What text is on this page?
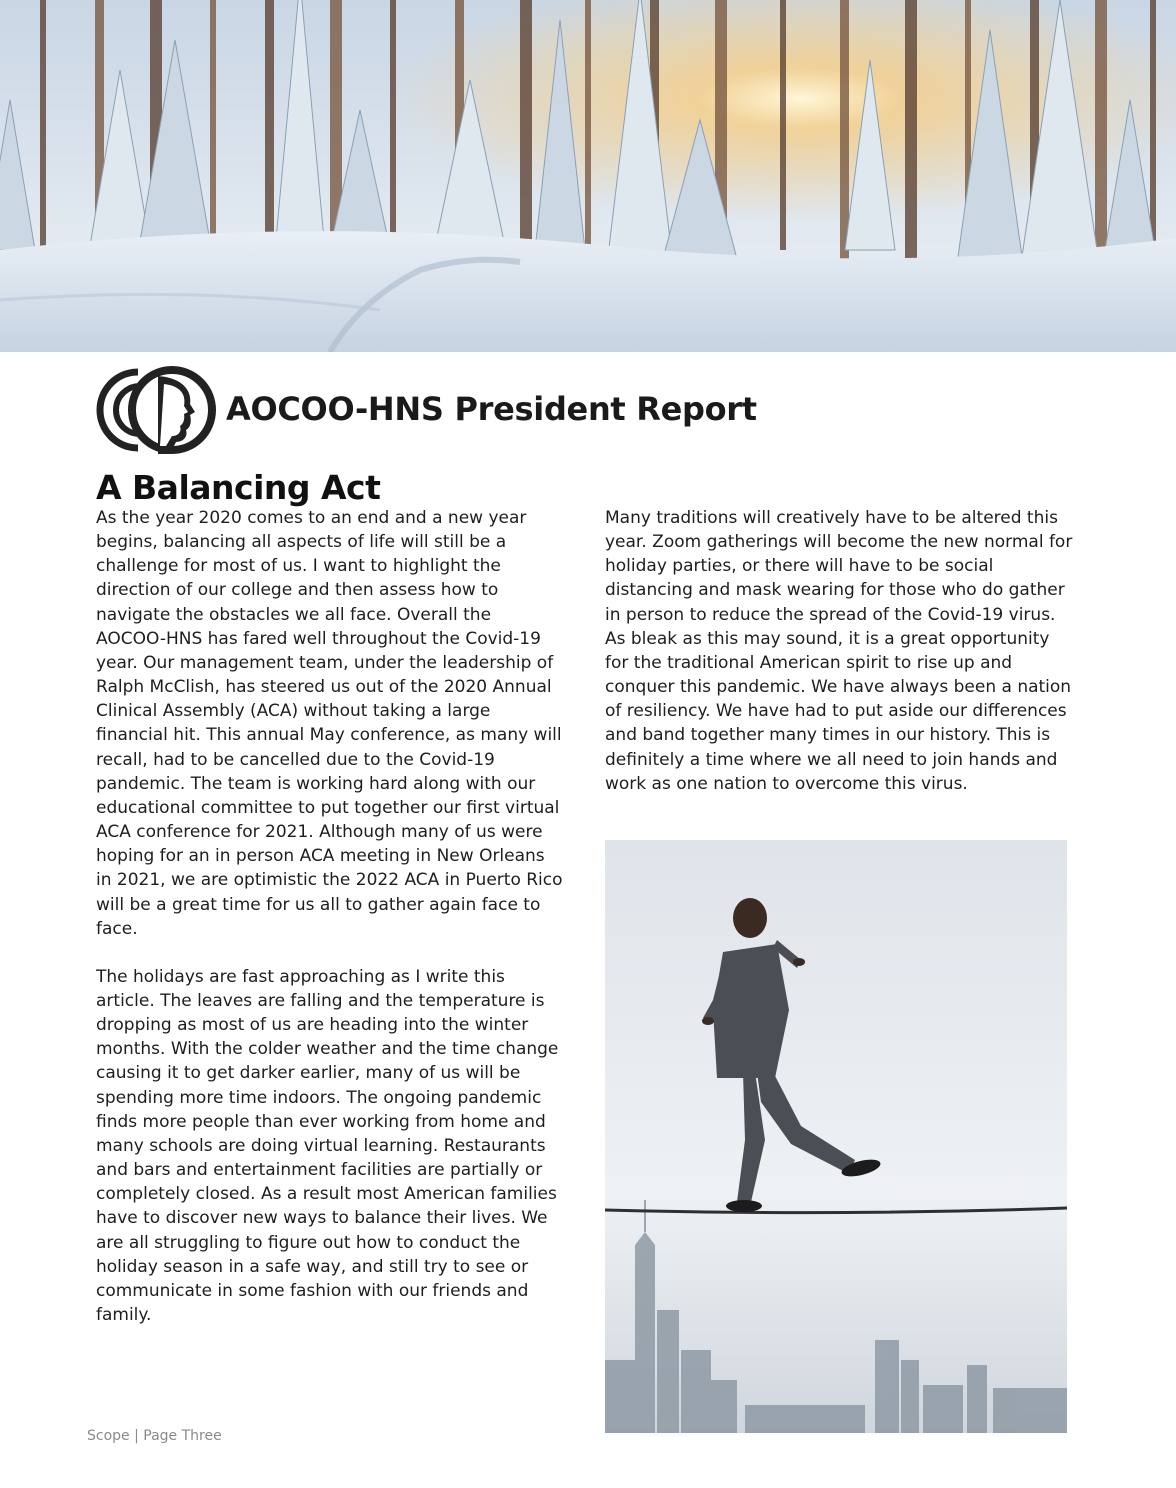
AOCOO-HNS President Report
A Balancing Act

As the year 2020 comes to an end and a new year begins, balancing all aspects of life will still be a challenge for most of us. I want to highlight the direction of our college and then assess how to navigate the obstacles we all face. Overall the AOCOO-HNS has fared well throughout the Covid-19 year. Our management team, under the leadership of Ralph McClish, has steered us out of the 2020 Annual Clinical Assembly (ACA) without taking a large financial hit. This annual May conference, as many will recall, had to be cancelled due to the Covid-19 pandemic. The team is working hard along with our educational committee to put together our first virtual ACA conference for 2021. Although many of us were hoping for an in person ACA meeting in New Orleans in 2021, we are optimistic the 2022 ACA in Puerto Rico will be a great time for us all to gather again face to face.

The holidays are fast approaching as I write this article. The leaves are falling and the temperature is dropping as most of us are heading into the winter months. With the colder weather and the time change causing it to get darker earlier, many of us will be spending more time indoors. The ongoing pandemic finds more people than ever working from home and many schools are doing virtual learning. Restaurants and bars and entertainment facilities are partially or completely closed. As a result most American families have to discover new ways to balance their lives. We are all struggling to figure out how to conduct the holiday season in a safe way, and still try to see or communicate in some fashion with our friends and family.

Many traditions will creatively have to be altered this year. Zoom gatherings will become the new normal for holiday parties, or there will have to be social distancing and mask wearing for those who do gather in person to reduce the spread of the Covid-19 virus. As bleak as this may sound, it is a great opportunity for the traditional American spirit to rise up and conquer this pandemic. We have always been a nation of resiliency. We have had to put aside our differences and band together many times in our history. This is definitely a time where we all need to join hands and work as one nation to overcome this virus.

Scope | Page Three
